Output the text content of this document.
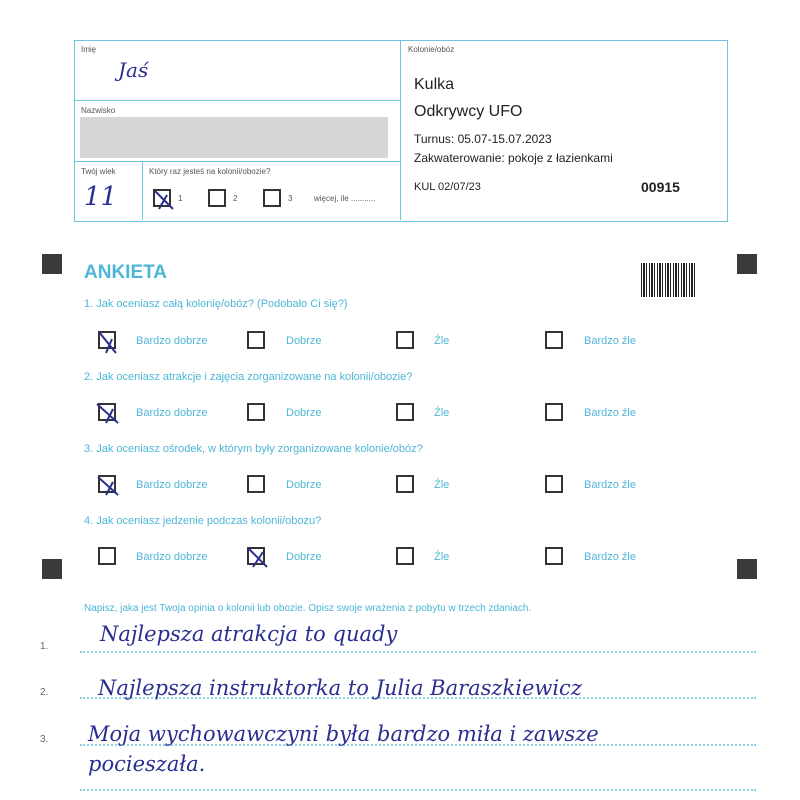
Imię
Jaś
Nazwisko
Twój wiek
11
Który raz jesteś na kolonii/obozie?
1	2	3	więcej, ile ...........
Kolonie/obóz
Kulka
Odkrywcy UFO
Turnus: 05.07-15.07.2023
Zakwaterowanie: pokoje z łazienkami
KUL 02/07/23	00915
ANKIETA
1. Jak oceniasz całą kolonię/obóz? (Podobało Ci się?)
Bardzo dobrze	Dobrze	Źle	Bardzo źle
2. Jak oceniasz atrakcje i zajęcia zorganizowane na kolonii/obozie?
Bardzo dobrze	Dobrze	Źle	Bardzo źle
3. Jak oceniasz ośrodek, w którym były zorganizowane kolonie/obóz?
Bardzo dobrze	Dobrze	Źle	Bardzo źle
4. Jak oceniasz jedzenie podczas kolonii/obozu?
Bardzo dobrze	Dobrze	Źle	Bardzo źle
Napisz, jaka jest Twoja opinia o kolonii lub obozie. Opisz swoje wrażenia z pobytu w trzech zdaniach.
1.
2.
3.
Najlepsza atrakcja to quady
Najlepsza instruktorka to Julia Baraszkiewicz
Moja wychowawczyni była bardzo miła i zawsze
pocieszała.
